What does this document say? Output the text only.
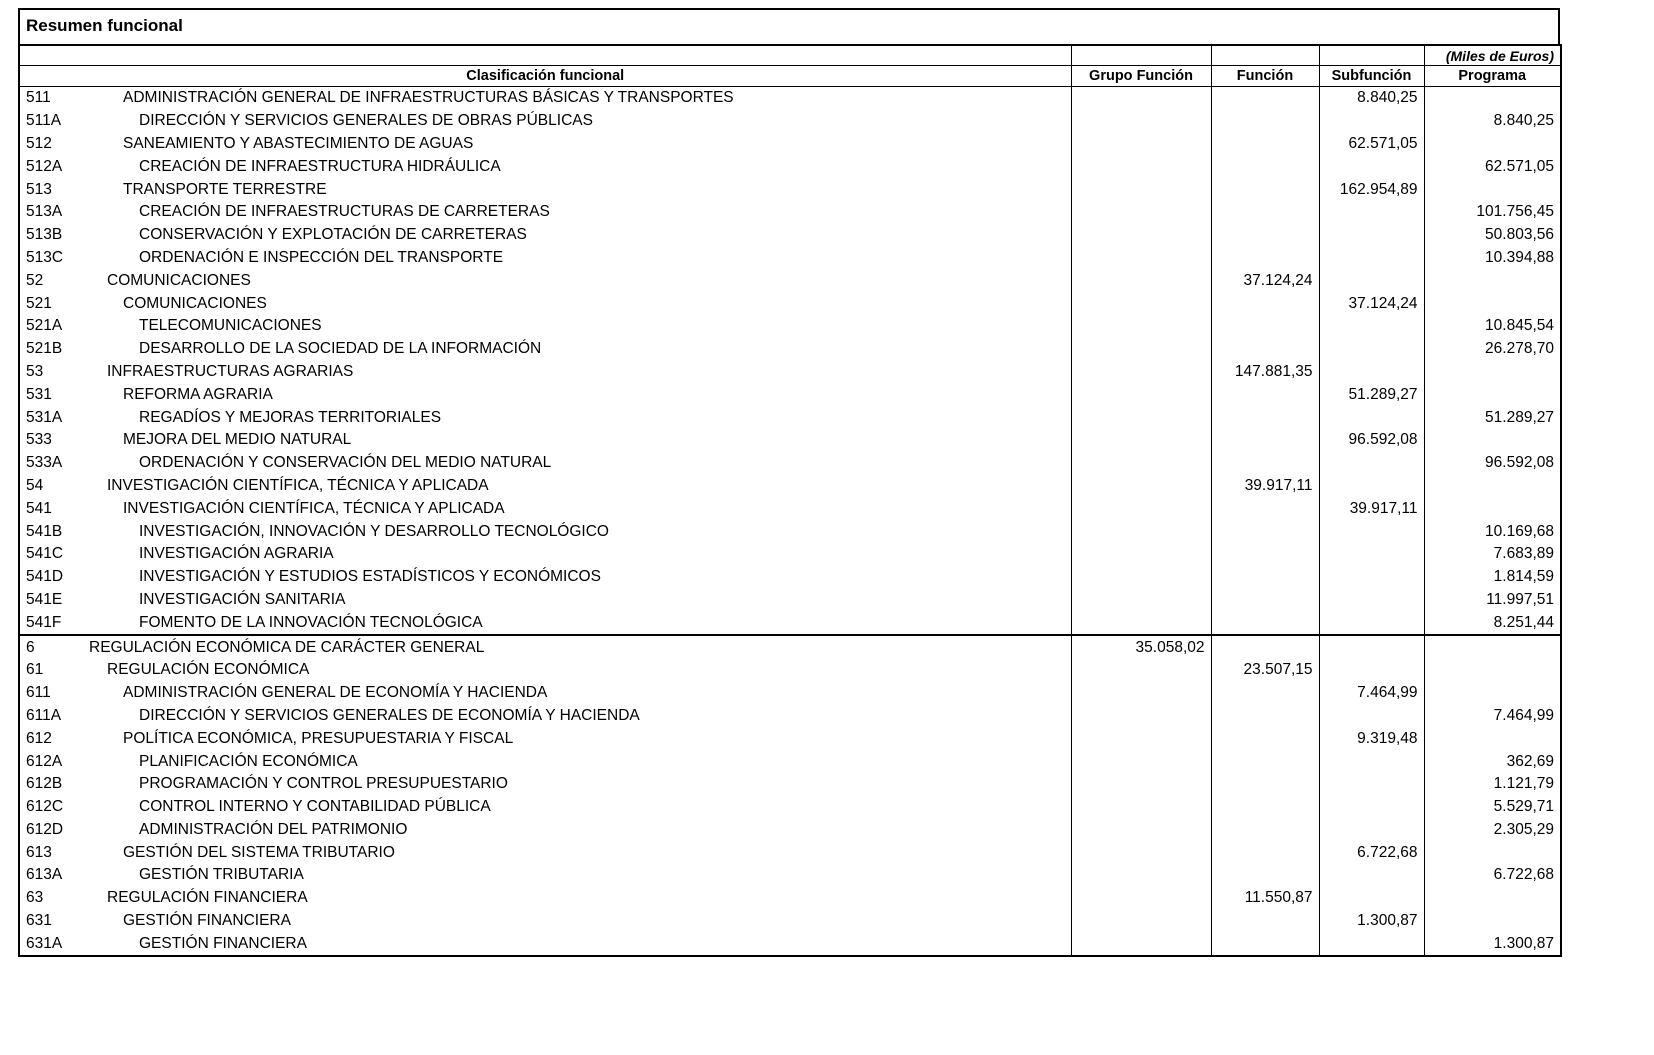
Resumen funcional
					(Miles de Euros)
Clasificación funcional		Grupo Función	Función	Subfunción	Programa
511	ADMINISTRACIÓN GENERAL DE INFRAESTRUCTURAS BÁSICAS Y TRANSPORTES			8.840,25	
511A	DIRECCIÓN Y SERVICIOS GENERALES DE OBRAS PÚBLICAS				8.840,25
512	SANEAMIENTO Y ABASTECIMIENTO DE AGUAS			62.571,05	
512A	CREACIÓN DE INFRAESTRUCTURA HIDRÁULICA				62.571,05
513	TRANSPORTE TERRESTRE			162.954,89	
513A	CREACIÓN DE INFRAESTRUCTURAS DE CARRETERAS				101.756,45
513B	CONSERVACIÓN Y EXPLOTACIÓN DE CARRETERAS				50.803,56
513C	ORDENACIÓN E INSPECCIÓN DEL TRANSPORTE				10.394,88
52	COMUNICACIONES		37.124,24		
521	COMUNICACIONES			37.124,24	
521A	TELECOMUNICACIONES				10.845,54
521B	DESARROLLO DE LA SOCIEDAD DE LA INFORMACIÓN				26.278,70
53	INFRAESTRUCTURAS AGRARIAS		147.881,35		
531	REFORMA AGRARIA			51.289,27	
531A	REGADÍOS Y MEJORAS TERRITORIALES				51.289,27
533	MEJORA DEL MEDIO NATURAL			96.592,08	
533A	ORDENACIÓN Y CONSERVACIÓN DEL MEDIO NATURAL				96.592,08
54	INVESTIGACIÓN CIENTÍFICA, TÉCNICA Y APLICADA		39.917,11		
541	INVESTIGACIÓN CIENTÍFICA, TÉCNICA Y APLICADA			39.917,11	
541B	INVESTIGACIÓN, INNOVACIÓN Y DESARROLLO TECNOLÓGICO				10.169,68
541C	INVESTIGACIÓN AGRARIA				7.683,89
541D	INVESTIGACIÓN Y ESTUDIOS ESTADÍSTICOS Y ECONÓMICOS				1.814,59
541E	INVESTIGACIÓN SANITARIA				11.997,51
541F	FOMENTO DE LA INNOVACIÓN TECNOLÓGICA				8.251,44
6	REGULACIÓN ECONÓMICA DE CARÁCTER GENERAL	35.058,02			
61	REGULACIÓN ECONÓMICA		23.507,15		
611	ADMINISTRACIÓN GENERAL DE ECONOMÍA Y HACIENDA			7.464,99	
611A	DIRECCIÓN Y SERVICIOS GENERALES DE ECONOMÍA Y HACIENDA				7.464,99
612	POLÍTICA ECONÓMICA, PRESUPUESTARIA Y FISCAL			9.319,48	
612A	PLANIFICACIÓN ECONÓMICA				362,69
612B	PROGRAMACIÓN Y CONTROL PRESUPUESTARIO				1.121,79
612C	CONTROL INTERNO Y CONTABILIDAD PÚBLICA				5.529,71
612D	ADMINISTRACIÓN DEL PATRIMONIO				2.305,29
613	GESTIÓN DEL SISTEMA TRIBUTARIO			6.722,68	
613A	GESTIÓN TRIBUTARIA				6.722,68
63	REGULACIÓN FINANCIERA		11.550,87		
631	GESTIÓN FINANCIERA			1.300,87	
631A	GESTIÓN FINANCIERA				1.300,87
